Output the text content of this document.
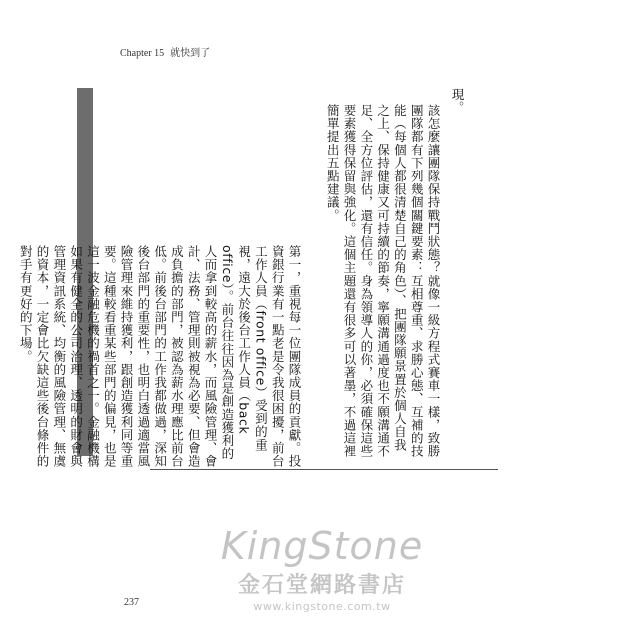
Chapter 15 就快到了
現。
該怎麼讓團隊保持戰鬥狀態？就像一級方程式賽車一樣，致勝團隊都有下列幾個關鍵要素：互相尊重、求勝心態、互補的技能（每個人都很清楚自己的角色）、把團隊願景置於個人自我之上、保持健康又可持續的節奏，寧願溝通過度也不願溝通不足、全方位評估，還有信任。身為領導人的你，必須確保這些要素獲得保留與強化。這個主題還有很多可以著墨，不過這裡簡單提出五點建議。
第一，重視每一位團隊成員的貢獻。投資銀行業有一點老是令我很困擾，前台工作人員（front office）受到的重視，遠大於後台工作人員（back office）。前台往往因為是創造獲利的人而拿到較高的薪水，而風險管理、會計、法務、管理則被視為必要、但會造成負擔的部門，被認為薪水理應比前台低。前後台部門的工作我都做過，深知後台部門的重要性，也明白透過適當風險管理來維持獲利，跟創造獲利同等重要。這種較看重某些部門的偏見，也是這一波金融危機的禍首之一。金融機構如果有健全的公司治理、透明的財會與管理資訊系統、均衡的風險管理、無虞的資本，一定會比欠缺這些後台條件的對手有更好的下場。
KingStone
金石堂網路書店
www.kingstone.com.tw
237
